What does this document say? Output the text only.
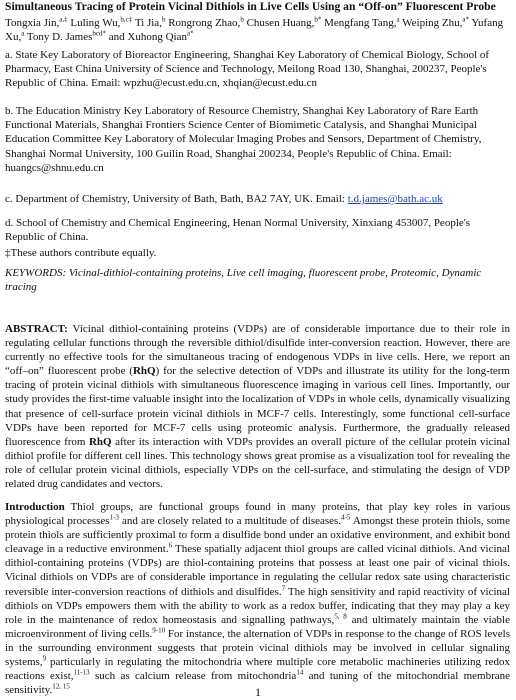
Simultaneous Tracing of Protein Vicinal Dithiols in Live Cells Using an “Off-on” Fluorescent Probe
Tongxia Jin,$^{a,\ddagger}$ Luling Wu,$^{b,c\ddagger}$ Ti Jia,$^b$ Rongrong Zhao,$^b$ Chusen Huang,$^{b*}$ Mengfang Tang,$^a$ Weiping Zhu,$^{a*}$ Yufang Xu,$^a$ Tony D. James$^{bcd*}$ and Xuhong Qian$^{a*}$
a. State Key Laboratory of Bioreactor Engineering, Shanghai Key Laboratory of Chemical Biology, School of Pharmacy, East China University of Science and Technology, Meilong Road 130, Shanghai, 200237, People's Republic of China. Email: wpzhu@ecust.edu.cn, xhqian@ecust.edu.cn
b. The Education Ministry Key Laboratory of Resource Chemistry, Shanghai Key Laboratory of Rare Earth Functional Materials, Shanghai Frontiers Science Center of Biomimetic Catalysis, and Shanghai Municipal Education Committee Key Laboratory of Molecular Imaging Probes and Sensors, Department of Chemistry, Shanghai Normal University, 100 Guilin Road, Shanghai 200234, People's Republic of China. Email: huangcs@shnu.edu.cn
c. Department of Chemistry, University of Bath, Bath, BA2 7AY, UK. Email: t.d.james@bath.ac.uk
d. School of Chemistry and Chemical Engineering, Henan Normal University, Xinxiang 453007, People's Republic of China.
‡These authors contribute equally.
KEYWORDS: Vicinal-dithiol-containing proteins, Live cell imaging, fluorescent probe, Proteomic, Dynamic tracing
ABSTRACT: Vicinal dithiol-containing proteins (VDPs) are of considerable importance due to their role in regulating cellular functions through the reversible dithiol/disulfide inter-conversion reaction. However, there are currently no effective tools for the simultaneous tracing of endogenous VDPs in live cells. Here, we report an “off–on” fluorescent probe (RhQ) for the selective detection of VDPs and illustrate its utility for the long-term tracing of protein vicinal dithiols with simultaneous fluorescence imaging in various cell lines. Importantly, our study provides the first-time valuable insight into the localization of VDPs in whole cells, dynamically visualizing that presence of cell-surface protein vicinal dithiols in MCF-7 cells. Interestingly, some functional cell-surface VDPs have been reported for MCF-7 cells using proteomic analysis. Furthermore, the gradually released fluorescence from RhQ after its interaction with VDPs provides an overall picture of the cellular protein vicinal dithiol profile for different cell lines. This technology shows great promise as a visualization tool for revealing the role of cellular protein vicinal dithiols, especially VDPs on the cell-surface, and stimulating the design of VDP related drug candidates and vectors.
Introduction Thiol groups, are functional groups found in many proteins, that play key roles in various physiological processes$^{1-3}$ and are closely related to a multitude of diseases.$^{4-5}$ Amongst these protein thiols, some protein thiols are sufficiently proximal to form a disulfide bond under an oxidative environment, and exhibit bond cleavage in a reductive environment.$^6$ These spatially adjacent thiol groups are called vicinal dithiols. And vicinal dithiol-containing proteins (VDPs) are thiol-containing proteins that possess at least one pair of vicinal thiols. Vicinal dithiols on VDPs are of considerable importance in regulating the cellular redox sate using characteristic reversible inter-conversion reactions of dithiols and disulfides.$^7$ The high sensitivity and rapid reactivity of vicinal dithiols on VDPs empowers them with the ability to work as a redox buffer, indicating that they may play a key role in the maintenance of redox homeostasis and signalling pathways,$^{5, 8}$ and ultimately maintain the viable microenvironment of living cells.$^{9-10}$ For instance, the alternation of VDPs in response to the change of ROS levels in the surrounding environment suggests that protein vicinal dithiols may be involved in cellular signaling systems,$^9$ particularly in regulating the mitochondria where multiple core metabolic machineries utilizing redox reactions exist,$^{11-13}$ such as calcium release from mitochondria$^{14}$ and tuning of the mitochondrial membrane sensitivity.$^{12, 15}$	1
